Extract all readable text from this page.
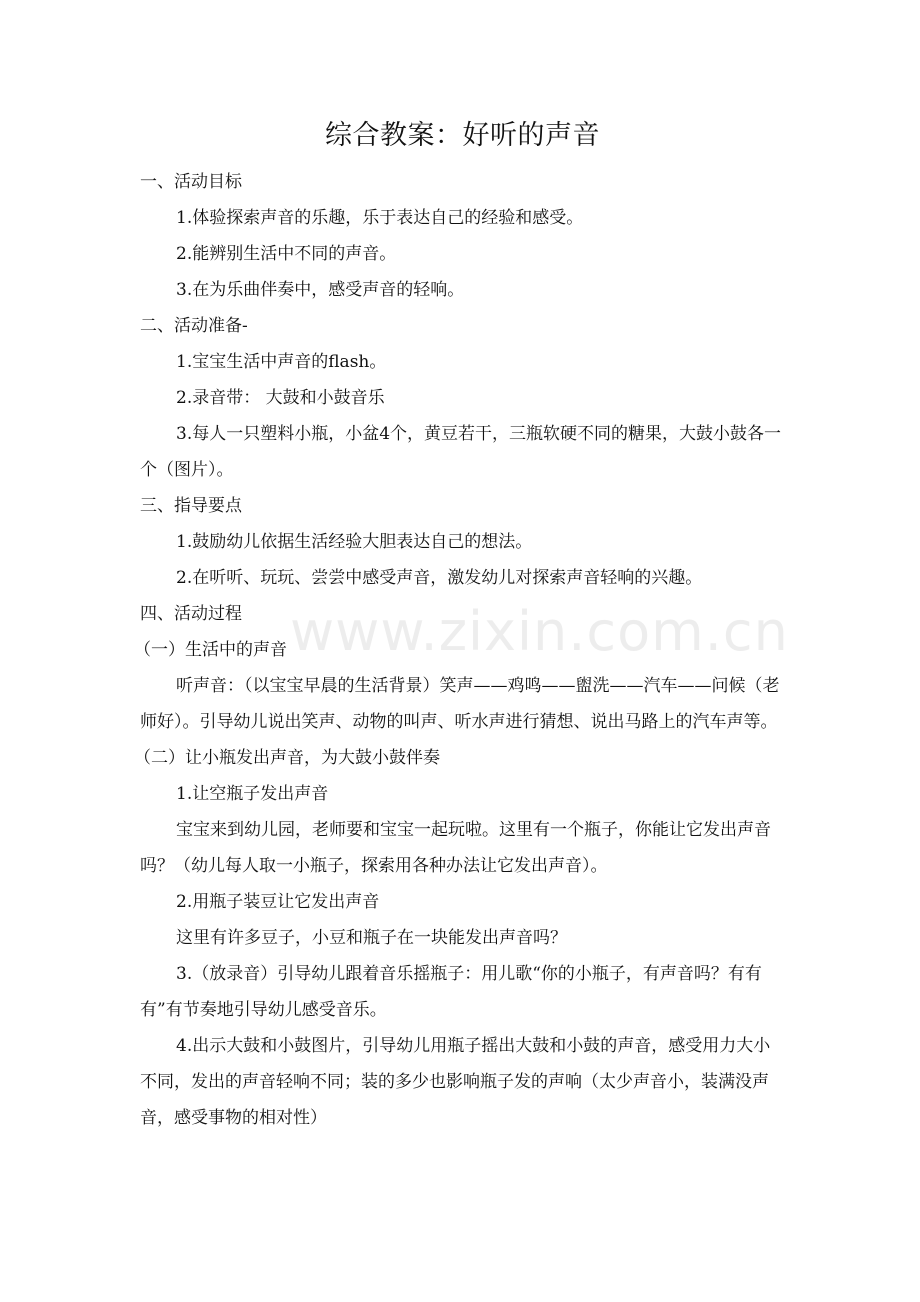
www.zixin.com.cn
综合教案：好听的声音

一、活动目标

1.体验探索声音的乐趣，乐于表达自己的经验和感受。

2.能辨别生活中不同的声音。

3.在为乐曲伴奏中，感受声音的轻响。

二、活动准备-

1.宝宝生活中声音的flash。

2.录音带： 大鼓和小鼓音乐

3.每人一只塑料小瓶，小盆4个，黄豆若干，三瓶软硬不同的糖果，大鼓小鼓各一个（图片）。

三、指导要点

1.鼓励幼儿依据生活经验大胆表达自己的想法。

2.在听听、玩玩、尝尝中感受声音，激发幼儿对探索声音轻响的兴趣。

四、活动过程

（一）生活中的声音

听声音：（以宝宝早晨的生活背景）笑声——鸡鸣——盥洗——汽车——问候（老师好）。引导幼儿说出笑声、动物的叫声、听水声进行猜想、说出马路上的汽车声等。

（二）让小瓶发出声音，为大鼓小鼓伴奏

1.让空瓶子发出声音

宝宝来到幼儿园，老师要和宝宝一起玩啦。这里有一个瓶子，你能让它发出声音吗？（幼儿每人取一小瓶子，探索用各种办法让它发出声音）。

2.用瓶子装豆让它发出声音

这里有许多豆子，小豆和瓶子在一块能发出声音吗？

3.（放录音）引导幼儿跟着音乐摇瓶子：用儿歌“你的小瓶子，有声音吗？有有有”有节奏地引导幼儿感受音乐。

4.出示大鼓和小鼓图片，引导幼儿用瓶子摇出大鼓和小鼓的声音，感受用力大小不同，发出的声音轻响不同；装的多少也影响瓶子发的声响（太少声音小，装满没声音，感受事物的相对性）
